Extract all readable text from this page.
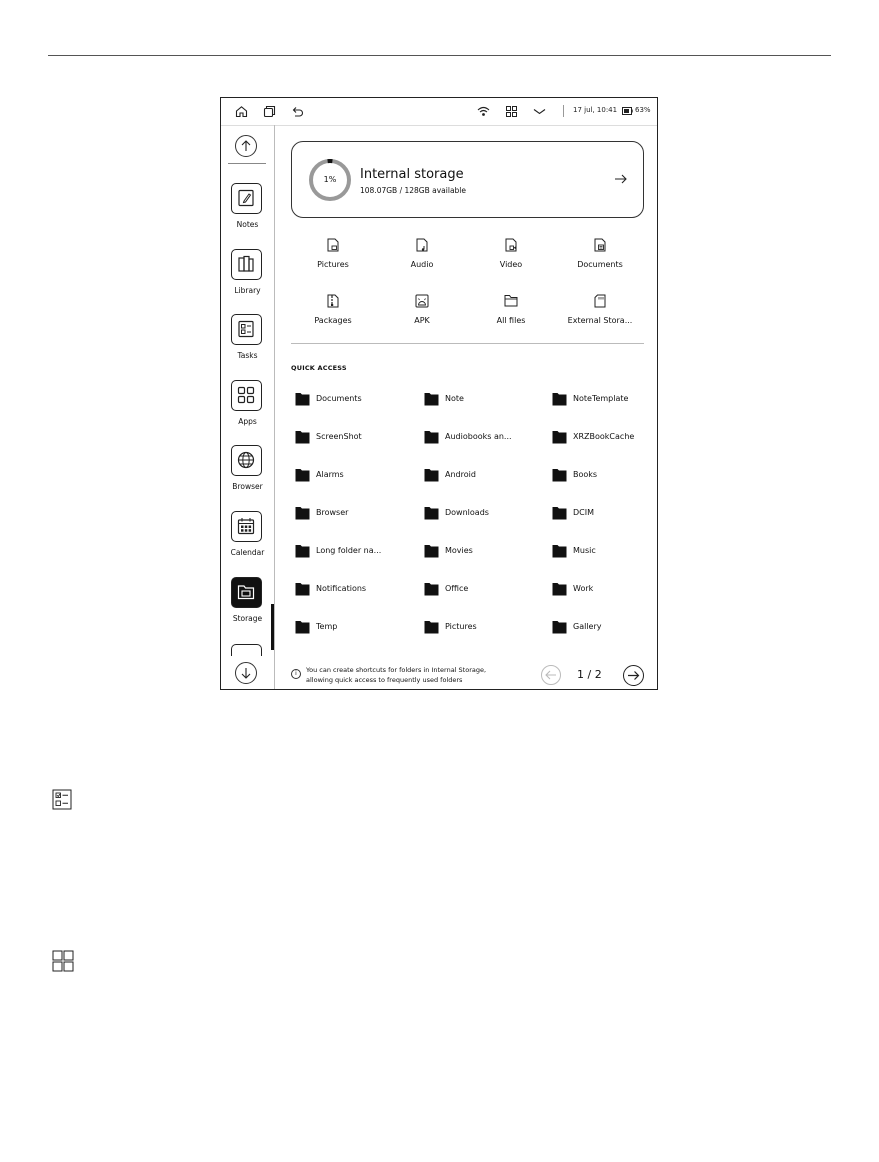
17 jul, 10:41	63%
Notes
Library
Tasks
Apps
Browser
Calendar
Storage
1%	Internal storage
108.07GB / 128GB available
Pictures	Audio	Video	Documents
Packages	APK	All files	External Stora...
QUICK ACCESS
Documents	Note	NoteTemplate
ScreenShot	Audiobooks an...	XRZBookCache
Alarms	Android	Books
Browser	Downloads	DCIM
Long folder na...	Movies	Music
Notifications	Office	Work
Temp	Pictures	Gallery
i	You can create shortcuts for folders in Internal Storage,
allowing quick access to frequently used folders	1 / 2
